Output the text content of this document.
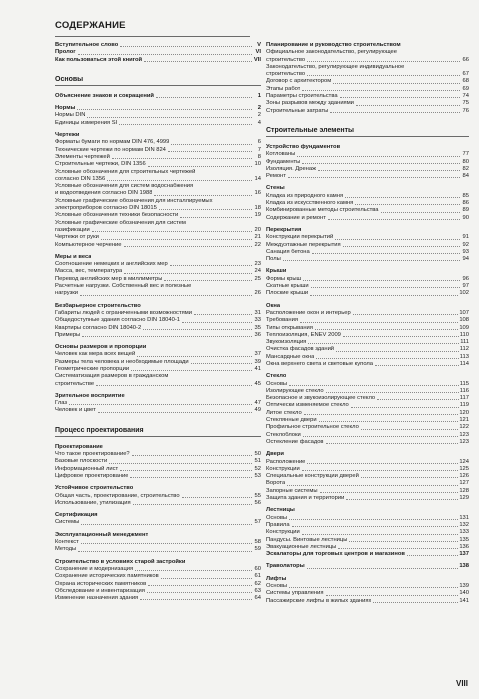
СОДЕРЖАНИЕ
Вступительное слово	V
Пролог	VI
Как пользоваться этой книгой	VII
Основы
Объяснение знаков и сокращений	1
Нормы	2
Нормы DIN	2
Единицы измерения SI	4
Чертежи
Форматы бумаги по нормам DIN 476, 4999	6
Технические чертежи по нормам DIN 824	7
Элементы чертежей	8
Строительные чертежи, DIN 1356	10
Условные обозначения для строительных чертежей
согласно DIN 1356	14
Условные обозначения для систем водоснабжения
и водоотведения согласно DIN 1988	16
Условные графические обозначения для инсталлируемых
электроприборов согласно DIN 18015	18
Условные обозначения техники безопасности	19
Условные графические обозначения для систем
газификации	20
Чертежи от руки	21
Компьютерное черчение	22
Меры и веса
Соотношение немецких и английских мер	23
Масса, вес, температура	24
Перевод английских мер в миллиметры	25
Расчетные нагрузки. Собственный вес и полезные
нагрузки	26
Безбарьерное строительство
Габариты людей с ограниченными возможностями	31
Общедоступные здания согласно DIN 18040-1	33
Квартиры согласно DIN 18040-2	35
Примеры	36
Основы размеров и пропорции
Человек как мера всех вещей	37
Размеры тела человека и необходимые площади	39
Геометрические пропорции	41
Систематизация размеров в гражданском
строительстве	45
Зрительное восприятие
Глаз	47
Человек и цвет	49
Процесс проектирования
Проектирование
Что такое проектирование?	50
Базовые плоскости	51
Информационный лист	52
Цифровое проектирование	53
Устойчивое строительство
Общая часть, проектирование, строительство	55
Использование, утилизация	56
Сертификация
Системы	57
Эксплуатационный менеджмент
Контекст	58
Методы	59
Строительство в условиях старой застройки
Сохранение и модернизация	60
Сохранение исторических памятников	61
Охрана исторических памятников	62
Обследование и инвентаризация	63
Изменение назначения здания	64
Планирование и руководство строительством
Официальное законодательство, регулирующее
строительство	66
Законодательство, регулирующее индивидуальное
строительство	67
Договор с архитектором	68
Этапы работ	69
Параметры строительства	74
Зоны разрывов между зданиями	75
Строительные затраты	76
Строительные элементы
Устройство фундаментов
Котлованы	77
Фундаменты	80
Изоляция. Дренаж	82
Ремонт	84
Стены
Кладка из природного камня	85
Кладка из искусственного камня	86
Комбинированные методы строительства	89
Содержание и ремонт	90
Перекрытия
Конструкции перекрытий	91
Междуэтажные перекрытия	92
Санация бетона	93
Полы	94
Крыши
Формы крыш	96
Скатные крыши	97
Плоские крыши	102
Окна
Расположение окон и интерьер	107
Требования	108
Типы открывания	109
Теплоизоляция, ENEV 2009	110
Звукоизоляция	111
Очистка фасадов зданий	112
Мансардные окна	113
Окна верхнего света и световые купола	114
Стекло
Основы	115
Изолирующее стекло	116
Безопасное и звукоизолирующее стекло	117
Оптически изменяемое стекло	119
Литое стекло	120
Стеклянные двери	121
Профильное строительное стекло	122
Стеклоблоки	123
Остекление фасадов	123
Двери
Расположение	124
Конструкции	125
Специальные конструкции дверей	126
Ворота	127
Запорные системы	128
Защита здания и территории	129
Лестницы
Основы	131
Правила	132
Конструкции	133
Пандусы. Винтовые лестницы	135
Эвакуационные лестницы	136
Эскалаторы для торговых центров и магазинов	137
Траволаторы	138
Лифты
Основы	139
Системы управления	140
Пассажирские лифты в жилых зданиях	141
VIII
